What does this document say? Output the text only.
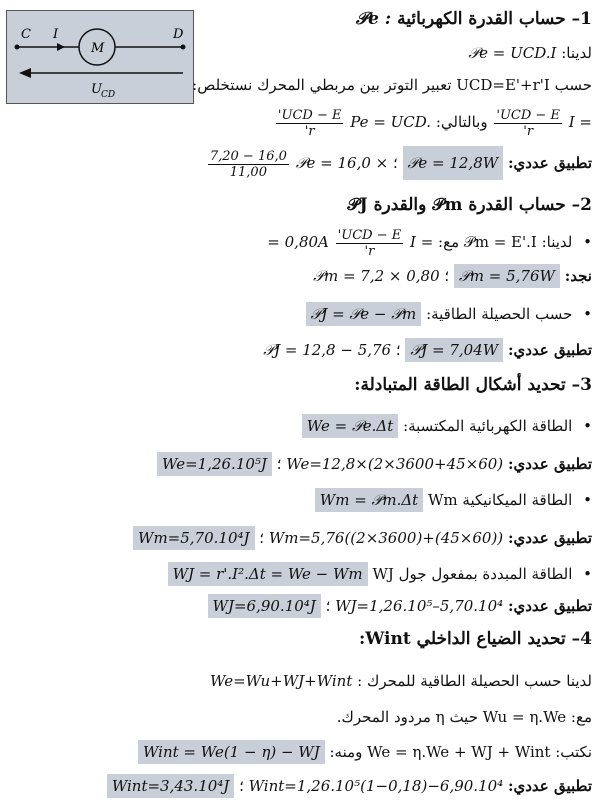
C I
M
D
U CD
1– حساب القدرة الكهربائية 𝒫e :
لدينا: 𝒫e = UCD.I
حسب UCD=E'+r'I تعبير التوتر بين مربطي المحرك نستخلص:
I =
$\frac{\text{UCD − E'}}{r'}$
وبالتالي: Pe = UCD.
$\frac{\text{UCD − E'}}{r'}$
تطبيق عددي: 𝒫e = 12,8W ؛ 𝒫e = 16,0 ×
$\frac{16,0 - 7,20}{11,00}$
2– حساب القدرة 𝒫m والقدرة 𝒫J
• لدينا: 𝒫m = E'.I مع: I =
$\frac{\text{UCD − E'}}{r'}$
= 0,80A
نجد: 𝒫m = 5,76W ؛ 𝒫m = 7,2 × 0,80
• حسب الحصيلة الطاقية: 𝒫J = 𝒫e − 𝒫m
تطبيق عددي: 𝒫J = 7,04W ؛ 𝒫J = 12,8 − 5,76
3– تحديد أشكال الطاقة المتبادلة:
• الطاقة الكهربائية المكتسبة: We = 𝒫e.Δt
تطبيق عددي: We=12,8×(2×3600+45×60) ؛ We=1,26.10⁵J
• الطاقة الميكانيكية Wm Wm = 𝒫m.Δt
تطبيق عددي: Wm=5,76((2×3600)+(45×60)) ؛ Wm=5,70.10⁴J
• الطاقة المبددة بمفعول جول WJ WJ = r'.I².Δt = We − Wm
تطبيق عددي: WJ=1,26.10⁵–5,70.10⁴ ؛ WJ=6,90.10⁴J
4– تحديد الضياع الداخلي Wint:
لدينا حسب الحصيلة الطاقية للمحرك : We=Wu+WJ+Wint
مع: Wu = η.We حيث η مردود المحرك.
نكتب: We = η.We + WJ + Wint ومنه: Wint = We(1 − η) − WJ
تطبيق عددي: Wint=1,26.10⁵(1−0,18)−6,90.10⁴ ؛ Wint=3,43.10⁴J
